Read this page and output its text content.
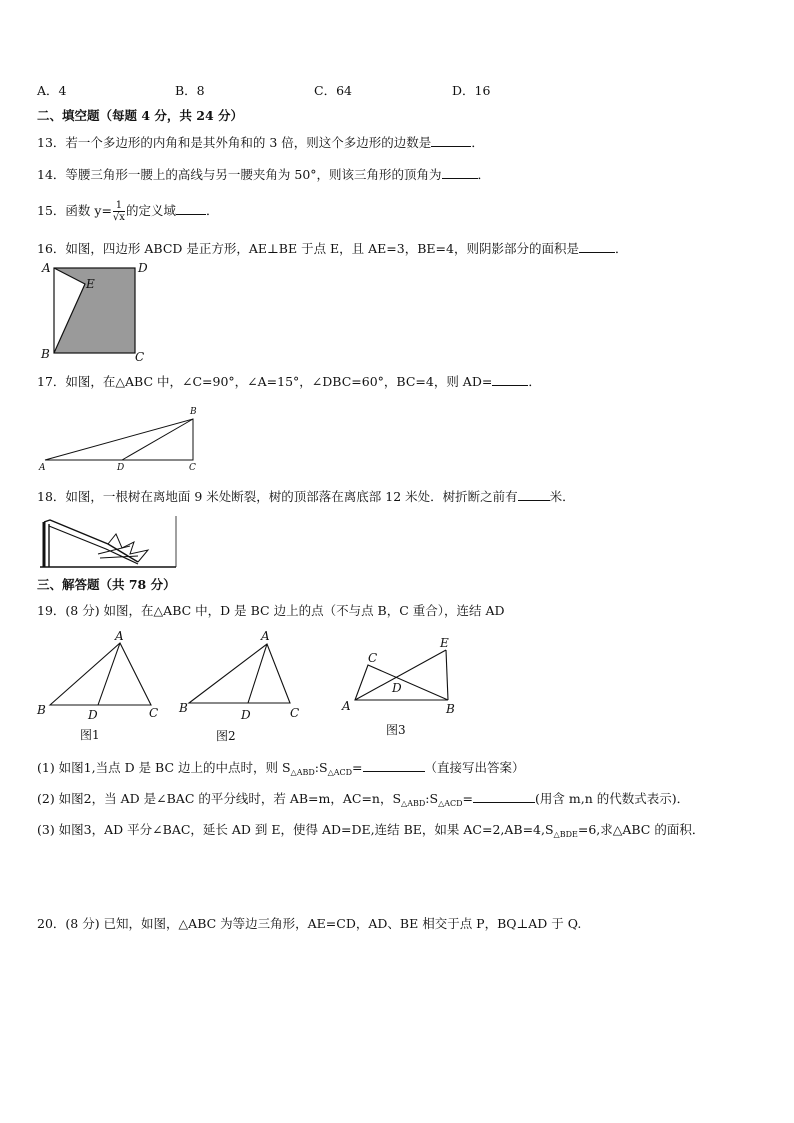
A．4	B．8	C．64	D．16
二、填空题（每题 4 分，共 24 分）
13．若一个多边形的内角和是其外角和的 3 倍，则这个多边形的边数是	．
14．等腰三角形一腰上的高线与另一腰夹角为 50°，则该三角形的顶角为	．
15．函数 $y= \frac{1}{√x}$ 的定义域 ．
16．如图，四边形 ABCD 是正方形，AE⊥BE 于点 E，且 AE=3，BE=4，则阴影部分的面积是	．
A	D
E
B	C
17．如图，在△ABC 中，∠C=90°，∠A=15°，∠DBC=60°，BC=4，则 AD=	．
B
A	D	C
18．如图，一根树在离地面 9 米处断裂，树的顶部落在离底部 12 米处．树折断之前有	米．
三、解答题（共 78 分）
19．(8 分) 如图，在△ABC 中，D 是 BC 边上的点（不与点 B，C 重合），连结 AD
A
B	D	C
图1
A
B	D	C
图2
C
E
D
A	B
图3
(1) 如图1,当点 D 是 BC 边上的中点时，则 $S_{\triangle ABD}:S_{\triangle ACD}=$	（直接写出答案）
(2) 如图2，当 AD 是∠BAC 的平分线时，若 AB=m，AC=n，$S_{\triangle ABD}:S_{\triangle ACD}=$	(用含 m,n 的代数式表示)．
(3) 如图3，AD 平分∠BAC，延长 AD 到 E，使得 AD=DE,连结 BE，如果 $AC=2,AB=4,S_{\triangle BDE}=6$,求△ABC 的面积．
20．(8 分) 已知，如图，△ABC 为等边三角形，AE=CD，AD、BE 相交于点 P，BQ⊥AD 于 Q.
